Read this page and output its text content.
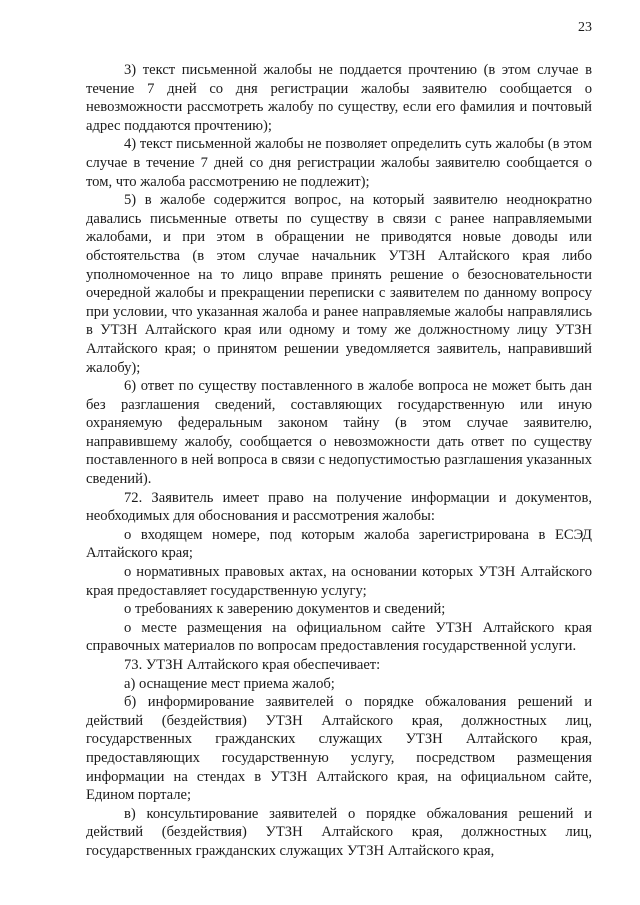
23

3) текст письменной жалобы не поддается прочтению (в этом случае в течение 7 дней со дня регистрации жалобы заявителю сообщается о невозможности рассмотреть жалобу по существу, если его фамилия и почтовый адрес поддаются прочтению);

4) текст письменной жалобы не позволяет определить суть жалобы (в этом случае в течение 7 дней со дня регистрации жалобы заявителю сообщается о том, что жалоба рассмотрению не подлежит);

5) в жалобе содержится вопрос, на который заявителю неоднократно давались письменные ответы по существу в связи с ранее направляемыми жалобами, и при этом в обращении не приводятся новые доводы или обстоятельства (в этом случае начальник УТЗН Алтайского края либо уполномоченное на то лицо вправе принять решение о безосновательности очередной жалобы и прекращении переписки с заявителем по данному вопросу при условии, что указанная жалоба и ранее направляемые жалобы направлялись в УТЗН Алтайского края или одному и тому же должностному лицу УТЗН Алтайского края; о принятом решении уведомляется заявитель, направивший жалобу);

6) ответ по существу поставленного в жалобе вопроса не может быть дан без разглашения сведений, составляющих государственную или иную охраняемую федеральным законом тайну (в этом случае заявителю, направившему жалобу, сообщается о невозможности дать ответ по существу поставленного в ней вопроса в связи с недопустимостью разглашения указанных сведений).

72. Заявитель имеет право на получение информации и документов, необходимых для обоснования и рассмотрения жалобы:

о входящем номере, под которым жалоба зарегистрирована в ЕСЭД Алтайского края;

о нормативных правовых актах, на основании которых УТЗН Алтайского края предоставляет государственную услугу;

о требованиях к заверению документов и сведений;

о месте размещения на официальном сайте УТЗН Алтайского края справочных материалов по вопросам предоставления государственной услуги.

73. УТЗН Алтайского края обеспечивает:

а) оснащение мест приема жалоб;

б) информирование заявителей о порядке обжалования решений и действий (бездействия) УТЗН Алтайского края, должностных лиц, государственных гражданских служащих УТЗН Алтайского края, предоставляющих государственную услугу, посредством размещения информации на стендах в УТЗН Алтайского края, на официальном сайте, Едином портале;

в) консультирование заявителей о порядке обжалования решений и действий (бездействия) УТЗН Алтайского края, должностных лиц, государственных гражданских служащих УТЗН Алтайского края,
